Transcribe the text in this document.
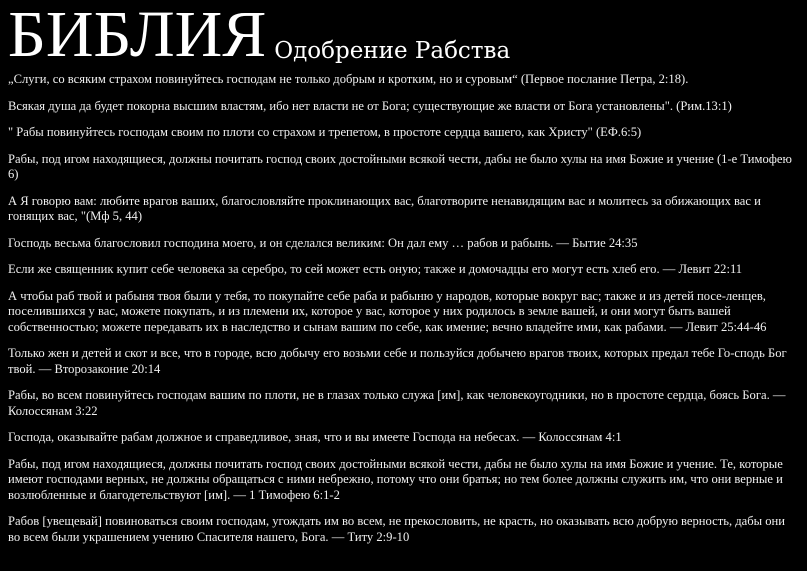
БИБЛИЯ Одобрение Рабства

„Слуги, со всяким страхом повинуйтесь господам не только добрым и кротким, но и суровым“ (Первое послание Петра, 2:18).

Всякая душа да будет покорна высшим властям, ибо нет власти не от Бога; существующие же власти от Бога установлены". (Рим.13:1)

" Рабы повинуйтесь господам своим по плоти со страхом и трепетом, в простоте сердца вашего, как Христу" (ЕФ.6:5)

Рабы, под игом находящиеся, должны почитать господ своих достойными всякой чести, дабы не было хулы на имя Божие и учение (1-е Тимофею 6)

А Я говорю вам: любите врагов ваших, благословляйте проклинающих вас, благотворите ненавидящим вас и молитесь за обижающих вас и гонящих вас, "(Мф 5, 44)

Господь весьма благословил господина моего, и он сделался великим: Он дал ему … рабов и рабынь. — Бытие 24:35

Если же священник купит себе человека за серебро, то сей может есть оную; также и домочадцы его могут есть хлеб его. — Левит 22:11

А чтобы раб твой и рабыня твоя были у тебя, то покупайте себе раба и рабыню у народов, которые вокруг вас; также и из детей посе-ленцев, поселившихся у вас, можете покупать, и из племени их, которое у вас, которое у них родилось в земле вашей, и они могут быть вашей собственностью; можете передавать их в наследство и сынам вашим по себе, как имение; вечно владейте ими, как рабами. — Левит 25:44-46

Только жен и детей и скот и все, что в городе, всю добычу его возьми себе и пользуйся добычею врагов твоих, которых предал тебе Го-сподь Бог твой. — Второзаконие 20:14

Рабы, во всем повинуйтесь господам вашим по плоти, не в глазах только служа [им], как человекоугодники, но в простоте сердца, боясь Бога. — Колоссянам 3:22

Господа, оказывайте рабам должное и справедливое, зная, что и вы имеете Господа на небесах. — Колоссянам 4:1

Рабы, под игом находящиеся, должны почитать господ своих достойными всякой чести, дабы не было хулы на имя Божие и учение. Те, которые имеют господами верных, не должны обращаться с ними небрежно, потому что они братья; но тем более должны служить им, что они верные и возлюбленные и благодетельствуют [им]. — 1 Тимофею 6:1-2

Рабов [увещевай] повиноваться своим господам, угождать им во всем, не прекословить, не красть, но оказывать всю добрую верность, дабы они во всем были украшением учению Спасителя нашего, Бога. — Титу 2:9-10
